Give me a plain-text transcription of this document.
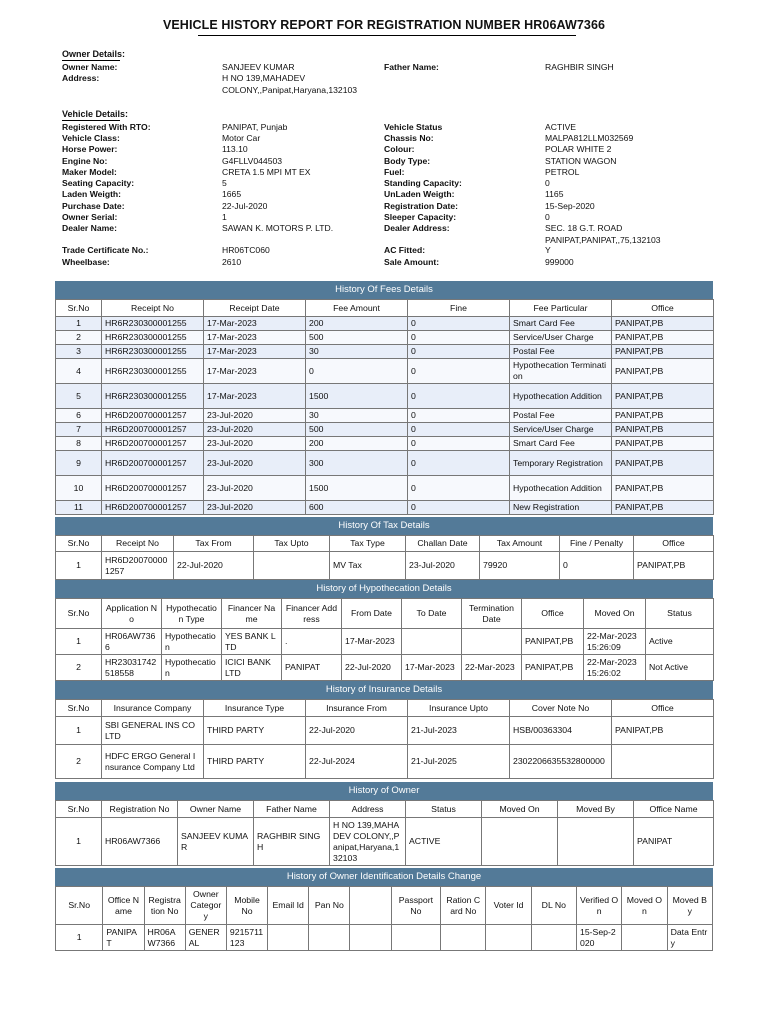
VEHICLE HISTORY REPORT FOR REGISTRATION NUMBER HR06AW7366
Owner Details:
Owner Name:	SANJEEV KUMAR	Father Name:	RAGHBIR SINGH
Address:	H NO 139,MAHADEV
COLONY,,Panipat,Haryana,132103
Vehicle Details:
Registered With RTO:	PANIPAT, Punjab
Vehicle Class:	Motor Car
Horse Power:	113.10
Engine No:	G4FLLV044503
Maker Model:	CRETA 1.5 MPI MT EX
Seating Capacity:	5
Laden Weigth:	1665
Purchase Date:	22-Jul-2020
Owner Serial:	1
Dealer Name:	SAWAN K. MOTORS P. LTD.
Trade Certificate No.:	HR06TC060
Wheelbase:	2610
Vehicle Status	ACTIVE
Chassis No:	MALPA812LLM032569
Colour:	POLAR WHITE 2
Body Type:	STATION WAGON
Fuel:	PETROL
Standing Capacity:	0
UnLaden Weigth:	1165
Registration Date:	15-Sep-2020
Sleeper Capacity:	0
Dealer Address:	SEC. 18 G.T. ROAD
PANIPAT,PANIPAT,,75,132103
AC Fitted:	Y
Sale Amount:	999000
History Of Fees Details
Sr.No	Receipt No	Receipt Date	Fee Amount	Fine	Fee Particular	Office
1	HR6R230300001255	17-Mar-2023	200	0	Smart Card Fee	PANIPAT,PB
2	HR6R230300001255	17-Mar-2023	500	0	Service/User Charge	PANIPAT,PB
3	HR6R230300001255	17-Mar-2023	30	0	Postal Fee	PANIPAT,PB
4	HR6R230300001255	17-Mar-2023	0	0	Hypothecation Termination	PANIPAT,PB
5	HR6R230300001255	17-Mar-2023	1500	0	Hypothecation Addition	PANIPAT,PB
6	HR6D200700001257	23-Jul-2020	30	0	Postal Fee	PANIPAT,PB
7	HR6D200700001257	23-Jul-2020	500	0	Service/User Charge	PANIPAT,PB
8	HR6D200700001257	23-Jul-2020	200	0	Smart Card Fee	PANIPAT,PB
9	HR6D200700001257	23-Jul-2020	300	0	Temporary Registration	PANIPAT,PB
10	HR6D200700001257	23-Jul-2020	1500	0	Hypothecation Addition	PANIPAT,PB
11	HR6D200700001257	23-Jul-2020	600	0	New Registration	PANIPAT,PB
History Of Tax Details
Sr.No	Receipt No	Tax From	Tax Upto	Tax Type	Challan Date	Tax Amount	Fine / Penalty	Office
1	HR6D200700001257	22-Jul-2020		MV Tax	23-Jul-2020	79920	0	PANIPAT,PB
History of Hypothecation Details
Sr.No	Application No	Hypothecation Type	Financer Name	Financer Address	From Date	To Date	Termination Date	Office	Moved On	Status
1	HR06AW7366	Hypothecation	YES BANK LTD	.	17-Mar-2023			PANIPAT,PB	22-Mar-2023 15:26:09	Active
2	HR23031742518558	Hypothecation	ICICI BANK LTD	PANIPAT	22-Jul-2020	17-Mar-2023	22-Mar-2023	PANIPAT,PB	22-Mar-2023 15:26:02	Not Active
History of Insurance Details
Sr.No	Insurance Company	Insurance Type	Insurance From	Insurance Upto	Cover Note No	Office
1	SBI GENERAL INS CO LTD	THIRD PARTY	22-Jul-2020	21-Jul-2023	HSB/00363304	PANIPAT,PB
2	HDFC ERGO General Insurance Company Ltd	THIRD PARTY	22-Jul-2024	21-Jul-2025	2302206635532800000	
History of Owner
Sr.No	Registration No	Owner Name	Father Name	Address	Status	Moved On	Moved By	Office Name
1	HR06AW7366	SANJEEV KUMAR	RAGHBIR SINGH	H NO 139,MAHADEV COLONY,,Panipat,Haryana,132103	ACTIVE			PANIPAT
History of Owner Identification Details Change
Sr.No	Office Name	Registration No	Owner Category	Mobile No	Email Id	Pan No		Passport No	Ration Card No	Voter Id	DL No	Verified On	Moved On	Moved By
1	PANIPAT	HR06AW7366	GENERAL	9215711123								15-Sep-2020		Data Entry
